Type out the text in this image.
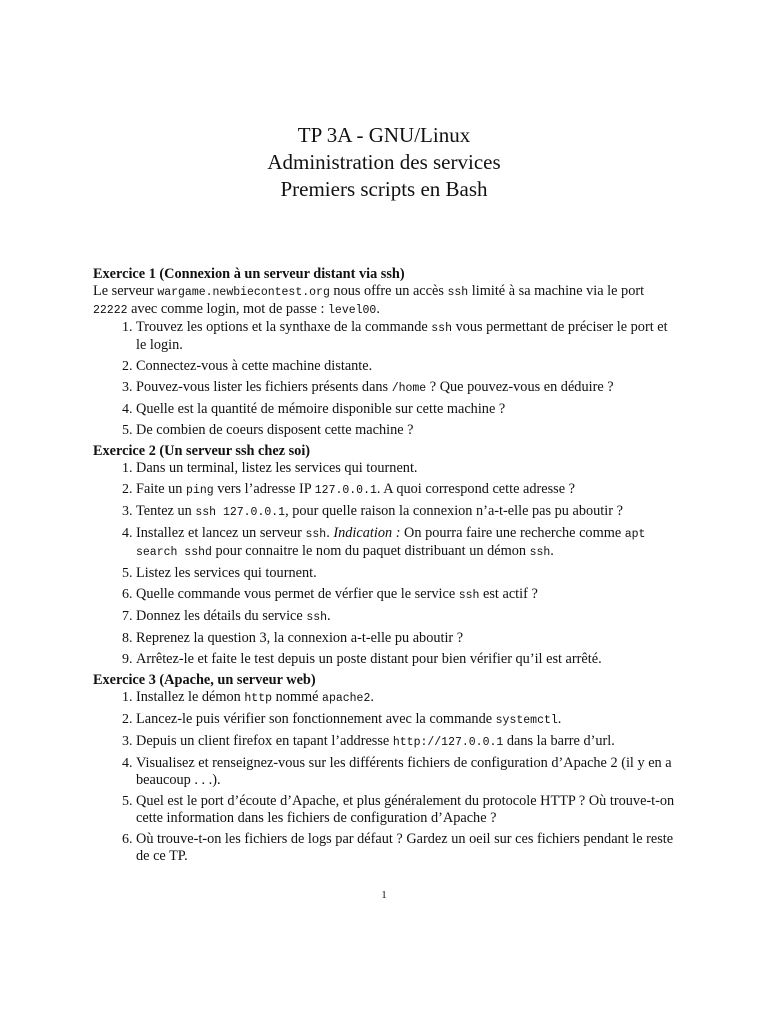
TP 3A - GNU/Linux
Administration des services
Premiers scripts en Bash

Exercice 1 (Connexion à un serveur distant via ssh)

Le serveur wargame.newbiecontest.org nous offre un accès ssh limité à sa machine via le port 22222 avec comme login, mot de passe : level00.

1. Trouvez les options et la synthaxe de la commande ssh vous permettant de préciser le port et le login.
2. Connectez-vous à cette machine distante.
3. Pouvez-vous lister les fichiers présents dans /home ? Que pouvez-vous en déduire ?
4. Quelle est la quantité de mémoire disponible sur cette machine ?
5. De combien de coeurs disposent cette machine ?

Exercice 2 (Un serveur ssh chez soi)

1. Dans un terminal, listez les services qui tournent.
2. Faite un ping vers l’adresse IP 127.0.0.1. A quoi correspond cette adresse ?
3. Tentez un ssh 127.0.0.1, pour quelle raison la connexion n’a-t-elle pas pu aboutir ?
4. Installez et lancez un serveur ssh. Indication : On pourra faire une recherche comme apt search sshd pour connaitre le nom du paquet distribuant un démon ssh.
5. Listez les services qui tournent.
6. Quelle commande vous permet de vérfier que le service ssh est actif ?
7. Donnez les détails du service ssh.
8. Reprenez la question 3, la connexion a-t-elle pu aboutir ?
9. Arrêtez-le et faite le test depuis un poste distant pour bien vérifier qu’il est arrêté.

Exercice 3 (Apache, un serveur web)

1. Installez le démon http nommé apache2.
2. Lancez-le puis vérifier son fonctionnement avec la commande systemctl.
3. Depuis un client firefox en tapant l’addresse http://127.0.0.1 dans la barre d’url.
4. Visualisez et renseignez-vous sur les différents fichiers de configuration d’Apache 2 (il y en a beaucoup . . .).
5. Quel est le port d’écoute d’Apache, et plus généralement du protocole HTTP ? Où trouve-t-on cette information dans les fichiers de configuration d’Apache ?
6. Où trouve-t-on les fichiers de logs par défaut ? Gardez un oeil sur ces fichiers pendant le reste de ce TP.
1
